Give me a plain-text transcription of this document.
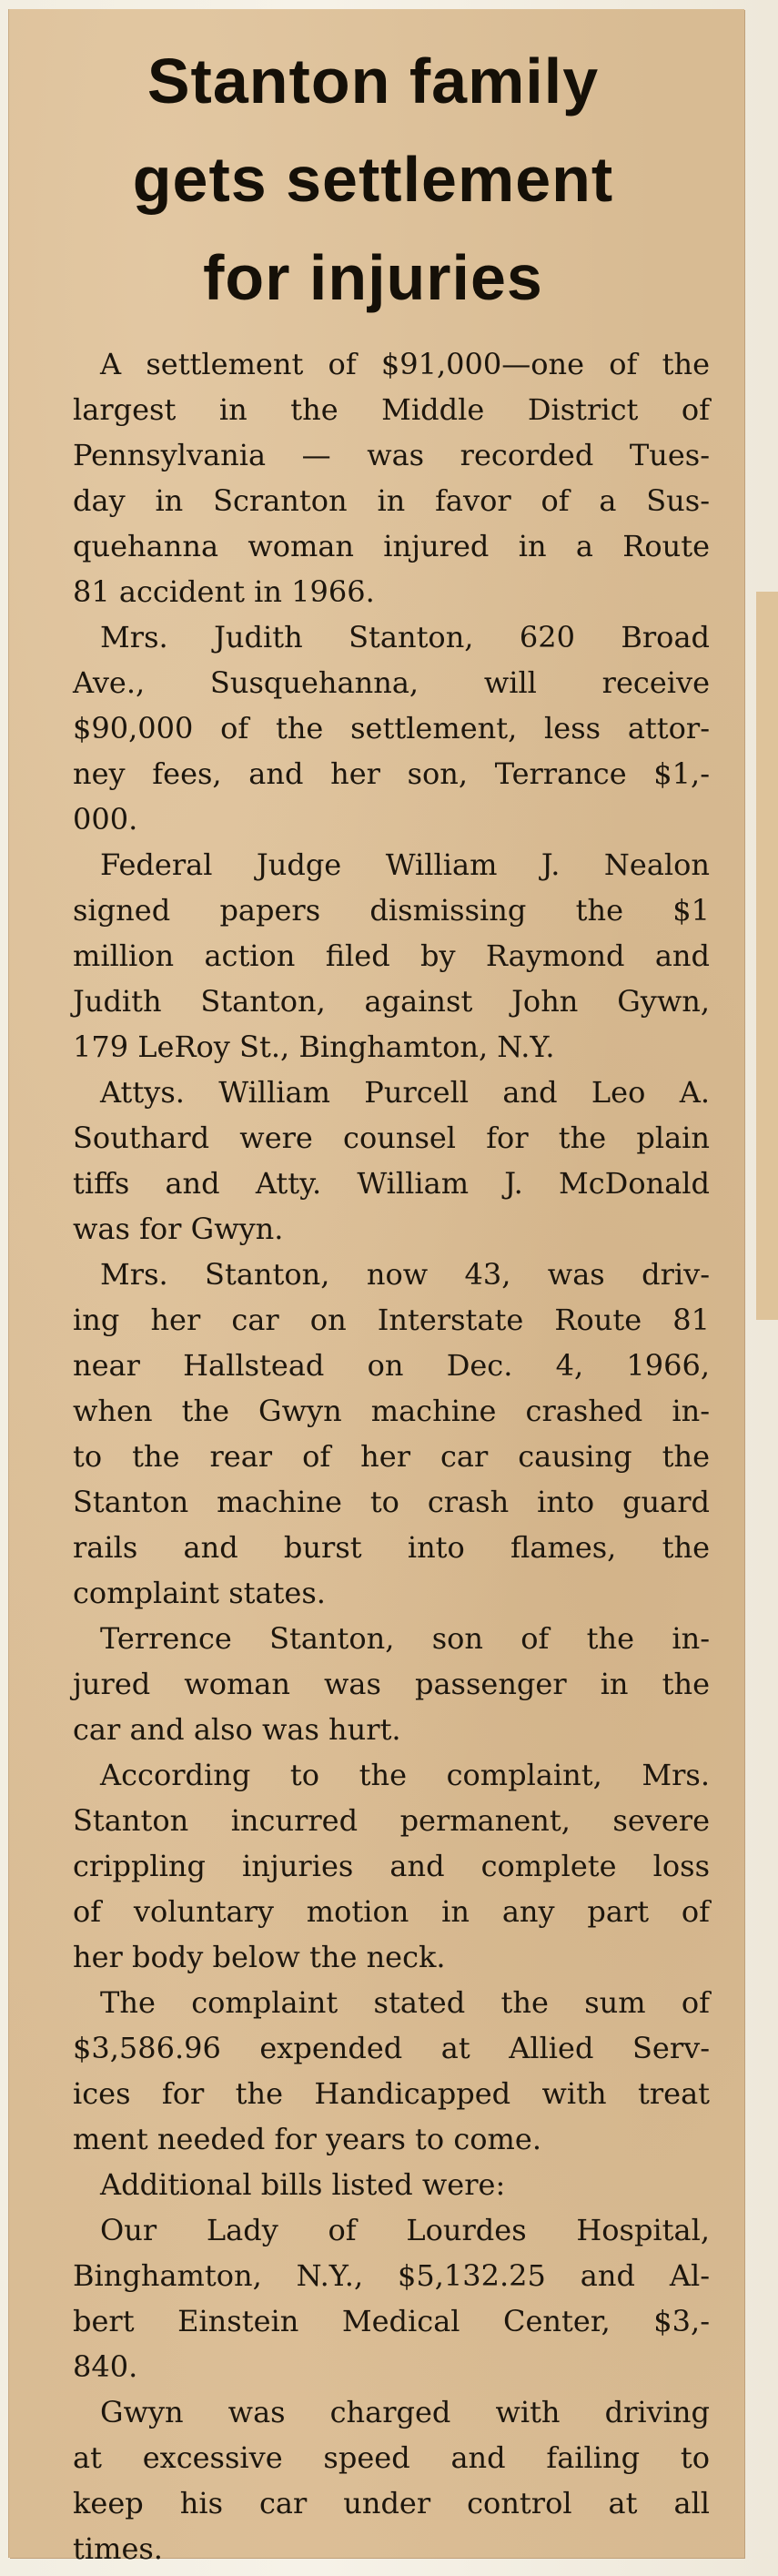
Stanton family
gets settlement
for injuries
A settlement of $91,000—one of the
largest in the Middle District of
Pennsylvania — was recorded Tues-
day in Scranton in favor of a Sus-
quehanna woman injured in a Route
81 accident in 1966.
Mrs. Judith Stanton, 620 Broad
Ave., Susquehanna, will receive
$90,000 of the settlement, less attor-
ney fees, and her son, Terrance $1,-
000.
Federal Judge William J. Nealon
signed papers dismissing the $1
million action filed by Raymond and
Judith Stanton, against John Gywn,
179 LeRoy St., Binghamton, N.Y.
Attys. William Purcell and Leo A.
Southard were counsel for the plain
tiffs and Atty. William J. McDonald
was for Gwyn.
Mrs. Stanton, now 43, was driv-
ing her car on Interstate Route 81
near Hallstead on Dec. 4, 1966,
when the Gwyn machine crashed in-
to the rear of her car causing the
Stanton machine to crash into guard
rails and burst into flames, the
complaint states.
Terrence Stanton, son of the in-
jured woman was passenger in the
car and also was hurt.
According to the complaint, Mrs.
Stanton incurred permanent, severe
crippling injuries and complete loss
of voluntary motion in any part of
her body below the neck.
The complaint stated the sum of
$3,586.96 expended at Allied Serv-
ices for the Handicapped with treat
ment needed for years to come.
Additional bills listed were:
Our Lady of Lourdes Hospital,
Binghamton, N.Y., $5,132.25 and Al-
bert Einstein Medical Center, $3,-
840.
Gwyn was charged with driving
at excessive speed and failing to
keep his car under control at all
times.
